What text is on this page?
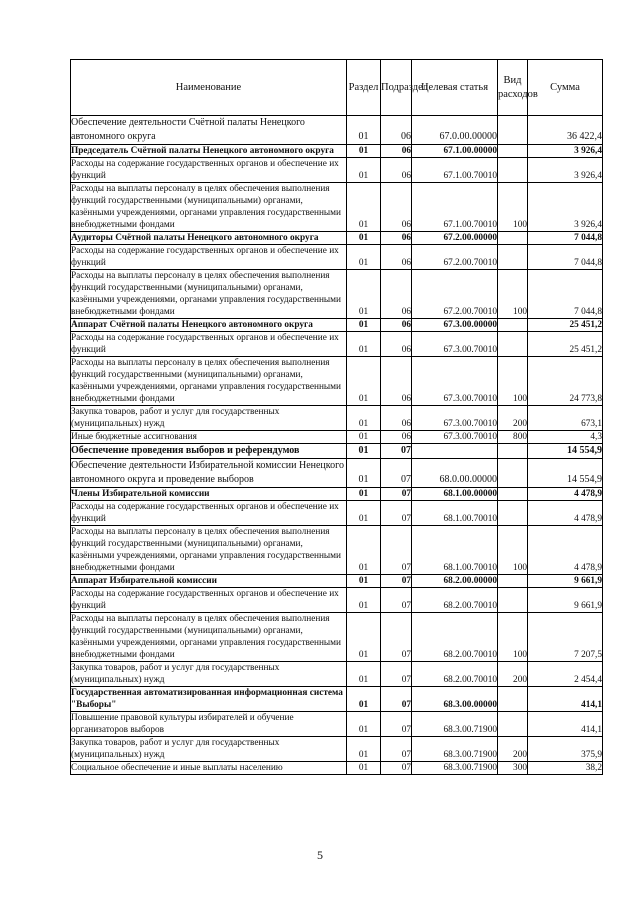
Наименование	Раздел	Подраздел	Целевая статья	Вид расходов	Сумма
Обеспечение деятельности Счётной палаты Ненецкого автономного округа	01	06	67.0.00.00000		36 422,4
Председатель Счётной палаты Ненецкого автономного округа	01	06	67.1.00.00000		3 926,4
Расходы на содержание государственных органов и обеспечение их функций	01	06	67.1.00.70010		3 926,4
Расходы на выплаты персоналу в целях обеспечения выполнения функций государственными (муниципальными) органами, казёнными учреждениями, органами управления государственными внебюджетными фондами	01	06	67.1.00.70010	100	3 926,4
Аудиторы Счётной палаты Ненецкого автономного округа	01	06	67.2.00.00000		7 044,8
Расходы на содержание государственных органов и обеспечение их функций	01	06	67.2.00.70010		7 044,8
Расходы на выплаты персоналу в целях обеспечения выполнения функций государственными (муниципальными) органами, казёнными учреждениями, органами управления государственными внебюджетными фондами	01	06	67.2.00.70010	100	7 044,8
Аппарат Счётной палаты Ненецкого автономного округа	01	06	67.3.00.00000		25 451,2
Расходы на содержание государственных органов и обеспечение их функций	01	06	67.3.00.70010		25 451,2
Расходы на выплаты персоналу в целях обеспечения выполнения функций государственными (муниципальными) органами, казёнными учреждениями, органами управления государственными внебюджетными фондами	01	06	67.3.00.70010	100	24 773,8
Закупка товаров, работ и услуг для государственных (муниципальных) нужд	01	06	67.3.00.70010	200	673,1
Иные бюджетные ассигнования	01	06	67.3.00.70010	800	4,3
Обеспечение проведения выборов и референдумов	01	07			14 554,9
Обеспечение деятельности Избирательной комиссии Ненецкого автономного округа и проведение выборов	01	07	68.0.00.00000		14 554,9
Члены Избирательной комиссии	01	07	68.1.00.00000		4 478,9
Расходы на содержание государственных органов и обеспечение их функций	01	07	68.1.00.70010		4 478,9
Расходы на выплаты персоналу в целях обеспечения выполнения функций государственными (муниципальными) органами, казёнными учреждениями, органами управления государственными внебюджетными фондами	01	07	68.1.00.70010	100	4 478,9
Аппарат Избирательной комиссии	01	07	68.2.00.00000		9 661,9
Расходы на содержание государственных органов и обеспечение их функций	01	07	68.2.00.70010		9 661,9
Расходы на выплаты персоналу в целях обеспечения выполнения функций государственными (муниципальными) органами, казёнными учреждениями, органами управления государственными внебюджетными фондами	01	07	68.2.00.70010	100	7 207,5
Закупка товаров, работ и услуг для государственных (муниципальных) нужд	01	07	68.2.00.70010	200	2 454,4
Государственная автоматизированная информационная система "Выборы"	01	07	68.3.00.00000		414,1
Повышение правовой культуры избирателей и обучение организаторов выборов	01	07	68.3.00.71900		414,1
Закупка товаров, работ и услуг для государственных (муниципальных) нужд	01	07	68.3.00.71900	200	375,9
Социальное обеспечение и иные выплаты населению	01	07	68.3.00.71900	300	38,2
5
